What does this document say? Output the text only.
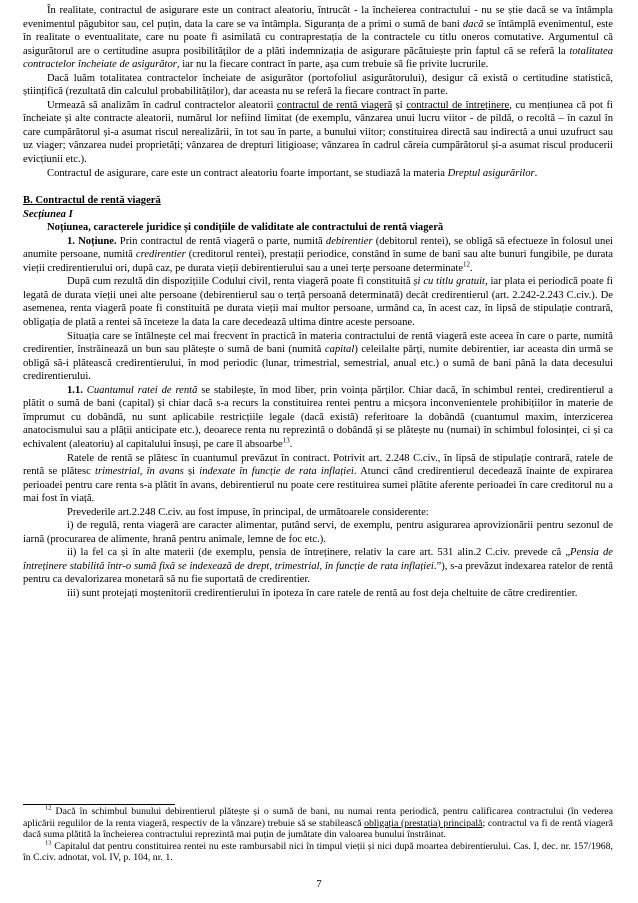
În realitate, contractul de asigurare este un contract aleatoriu, întrucât - la încheierea contractului - nu se știe dacă se va întâmpla evenimentul păgubitor sau, cel puțin, data la care se va întâmpla. Siguranța de a primi o sumă de bani dacă se întâmplă evenimentul, este în realitate o eventualitate, care nu poate fi asimilată cu contraprestația de la contractele cu titlu oneros comutative. Argumentul că asigurătorul are o certitudine asupra posibilităților de a plăti indemnizația de asigurare păcătuiește prin faptul că se referă la totalitatea contractelor încheiate de asigurător, iar nu la fiecare contract în parte, așa cum trebuie să fie privite lucrurile.

Dacă luăm totalitatea contractelor încheiate de asigurător (portofoliul asigurătorului), desigur că există o certitudine statistică, științifică (rezultată din calculul probabilităților), dar aceasta nu se referă la fiecare contract în parte.

Urmează să analizăm în cadrul contractelor aleatorii contractul de rentă viageră și contractul de întreținere, cu mențiunea că pot fi încheiate și alte contracte aleatorii, numărul lor nefiind limitat (de exemplu, vânzarea unui lucru viitor - de pildă, o recoltă – în cazul în care cumpărătorul și-a asumat riscul nerealizării, în tot sau în parte, a bunului viitor; constituirea directă sau indirectă a unui uzufruct sau uz viager; vânzarea nudei proprietăți; vânzarea de drepturi litigioase; vânzarea în cadrul căreia cumpărătorul și-a asumat riscul producerii evicțiunii etc.).

Contractul de asigurare, care este un contract aleatoriu foarte important, se studiază la materia Dreptul asigurărilor.

B. Contractul de rentă viageră

Secțiunea I

Noțiunea, caracterele juridice și condițiile de validitate ale contractului de rentă viageră

1. Noțiune. Prin contractul de rentă viageră o parte, numită debirentier (debitorul rentei), se obligă să efectueze în folosul unei anumite persoane, numită credirentier (creditorul rentei), prestații periodice, constând în sume de bani sau alte bunuri fungibile, pe durata vieții credirentierului ori, după caz, pe durata vieții debirentierului sau a unei terțe persoane determinate$^{12}$.

După cum rezultă din dispozițiile Codului civil, renta viageră poate fi constituită și cu titlu gratuit, iar plata ei periodică poate fi legată de durata vieții unei alte persoane (debirentierul sau o terță persoană determinată) decât credirentierul (art. 2.242-2.243 C.civ.). De asemenea, renta viageră poate fi constituită pe durata vieții mai multor persoane, urmând ca, în acest caz, în lipsă de stipulație contrară, obligația de plată a rentei să înceteze la data la care decedează ultima dintre aceste persoane.

Situația care se întâlnește cel mai frecvent în practică în materia contractului de rentă viageră este aceea în care o parte, numită credirentier, înstrăinează un bun sau plătește o sumă de bani (numită capital) celeilalte părți, numite debirentier, iar aceasta din urmă se obligă să-i plătească credirentierului, în mod periodic (lunar, trimestrial, semestrial, anual etc.) o sumă de bani până la data decesului credirentierului.

1.1. Cuantumul ratei de rentă se stabilește, în mod liber, prin voința părților. Chiar dacă, în schimbul rentei, credirentierul a plătit o sumă de bani (capital) și chiar dacă s-a recurs la constituirea rentei pentru a micșora inconvenientele prohibițiilor în materie de împrumut cu dobândă, nu sunt aplicabile restricțiile legale (dacă există) referitoare la dobândă (cuantumul maxim, interzicerea anatocismului sau a plății anticipate etc.), deoarece renta nu reprezintă o dobândă și se plătește nu (numai) în schimbul folosinței, ci și ca echivalent (aleatoriu) al capitalului însuși, pe care îl absoarbe$^{13}$.

Ratele de rentă se plătesc în cuantumul prevăzut în contract. Potrivit art. 2.248 C.civ., în lipsă de stipulație contrară, ratele de rentă se plătesc trimestrial, în avans și indexate în funcție de rata inflației. Atunci când credirentierul decedează înainte de expirarea perioadei pentru care renta s-a plătit în avans, debirentierul nu poate cere restituirea sumei plătite aferente perioadei în care creditorul nu a mai fost în viață.

Prevederile art.2.248 C.civ. au fost impuse, în principal, de următoarele considerente:

i) de regulă, renta viageră are caracter alimentar, putând servi, de exemplu, pentru asigurarea aprovizionării pentru sezonul de iarnă (procurarea de alimente, hrană pentru animale, lemne de foc etc.).

ii) la fel ca și în alte materii (de exemplu, pensia de întreținere, relativ la care art. 531 alin.2 C.civ. prevede că „Pensia de întreținere stabilită într-o sumă fixă se indexează de drept, trimestrial, în funcție de rata inflației.”), s-a prevăzut indexarea ratelor de rentă pentru ca devalorizarea monetară să nu fie suportată de credirentier.

iii) sunt protejați moștenitorii credirentierului în ipoteza în care ratele de rentă au fost deja cheltuite de către credirentier.

$^{12}$ Dacă în schimbul bunului debirentierul plătește și o sumă de bani, nu numai renta periodică, pentru calificarea contractului (în vederea aplicării regulilor de la renta viageră, respectiv de la vânzare) trebuie să se stabilească obligația (prestația) principală; contractul va fi de rentă viageră dacă suma plătită la încheierea contractului reprezintă mai puțin de jumătate din valoarea bunului înstrăinat.

$^{13}$ Capitalul dat pentru constituirea rentei nu este rambursabil nici în timpul vieții și nici după moartea debirentierului. Cas. I, dec. nr. 157/1968, în C.civ. adnotat, vol. IV, p. 104, nr. 1.

7
